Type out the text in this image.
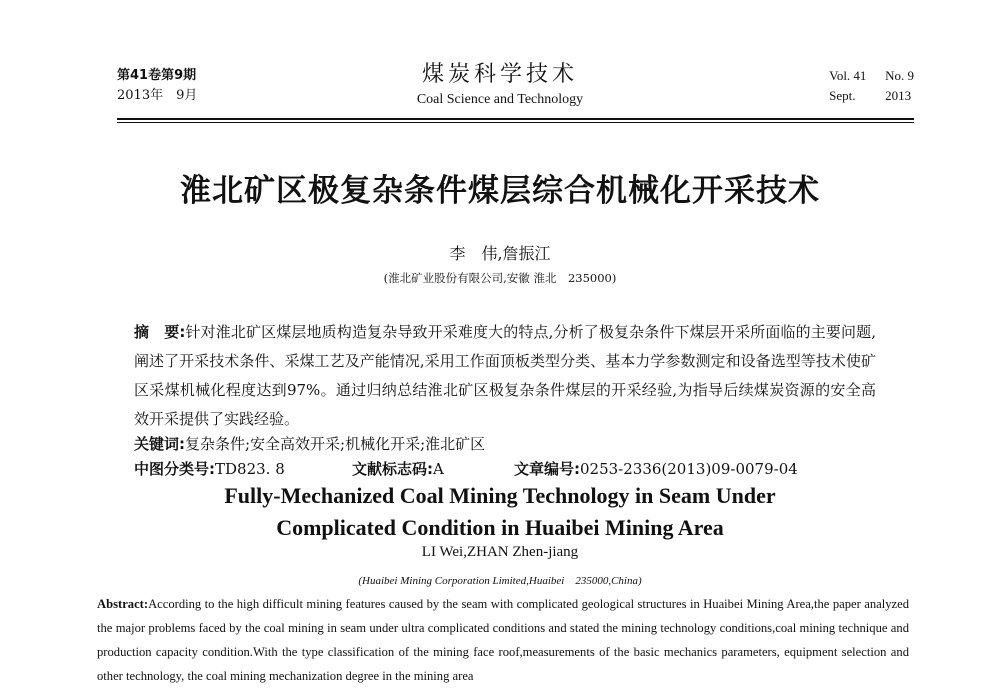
第41卷第9期
2013年　9月
煤炭科学技术
Coal Science and Technology
Vol. 41 No. 9
Sept. 2013
淮北矿区极复杂条件煤层综合机械化开采技术
李　伟,詹振江
(淮北矿业股份有限公司,安徽 淮北　235000)
摘　要:针对淮北矿区煤层地质构造复杂导致开采难度大的特点,分析了极复杂条件下煤层开采所面临的主要问题,阐述了开采技术条件、采煤工艺及产能情况,采用工作面顶板类型分类、基本力学参数测定和设备选型等技术使矿区采煤机械化程度达到97%。通过归纳总结淮北矿区极复杂条件煤层的开采经验,为指导后续煤炭资源的安全高效开采提供了实践经验。
关键词:复杂条件;安全高效开采;机械化开采;淮北矿区
中图分类号:TD823. 8	文献标志码:A	文章编号:0253-2336(2013)09-0079-04
Fully-Mechanized Coal Mining Technology in Seam Under
Complicated Condition in Huaibei Mining Area
LI Wei,ZHAN Zhen-jiang
(Huaibei Mining Corporation Limited,Huaibei　235000,China)
Abstract:According to the high difficult mining features caused by the seam with complicated geological structures in Huaibei Mining Area,the paper analyzed the major problems faced by the coal mining in seam under ultra complicated conditions and stated the mining technology conditions,coal mining technique and production capacity condition.With the type classification of the mining face roof,measurements of the basic mechanics parameters, equipment selection and other technology, the coal mining mechanization degree in the mining area
